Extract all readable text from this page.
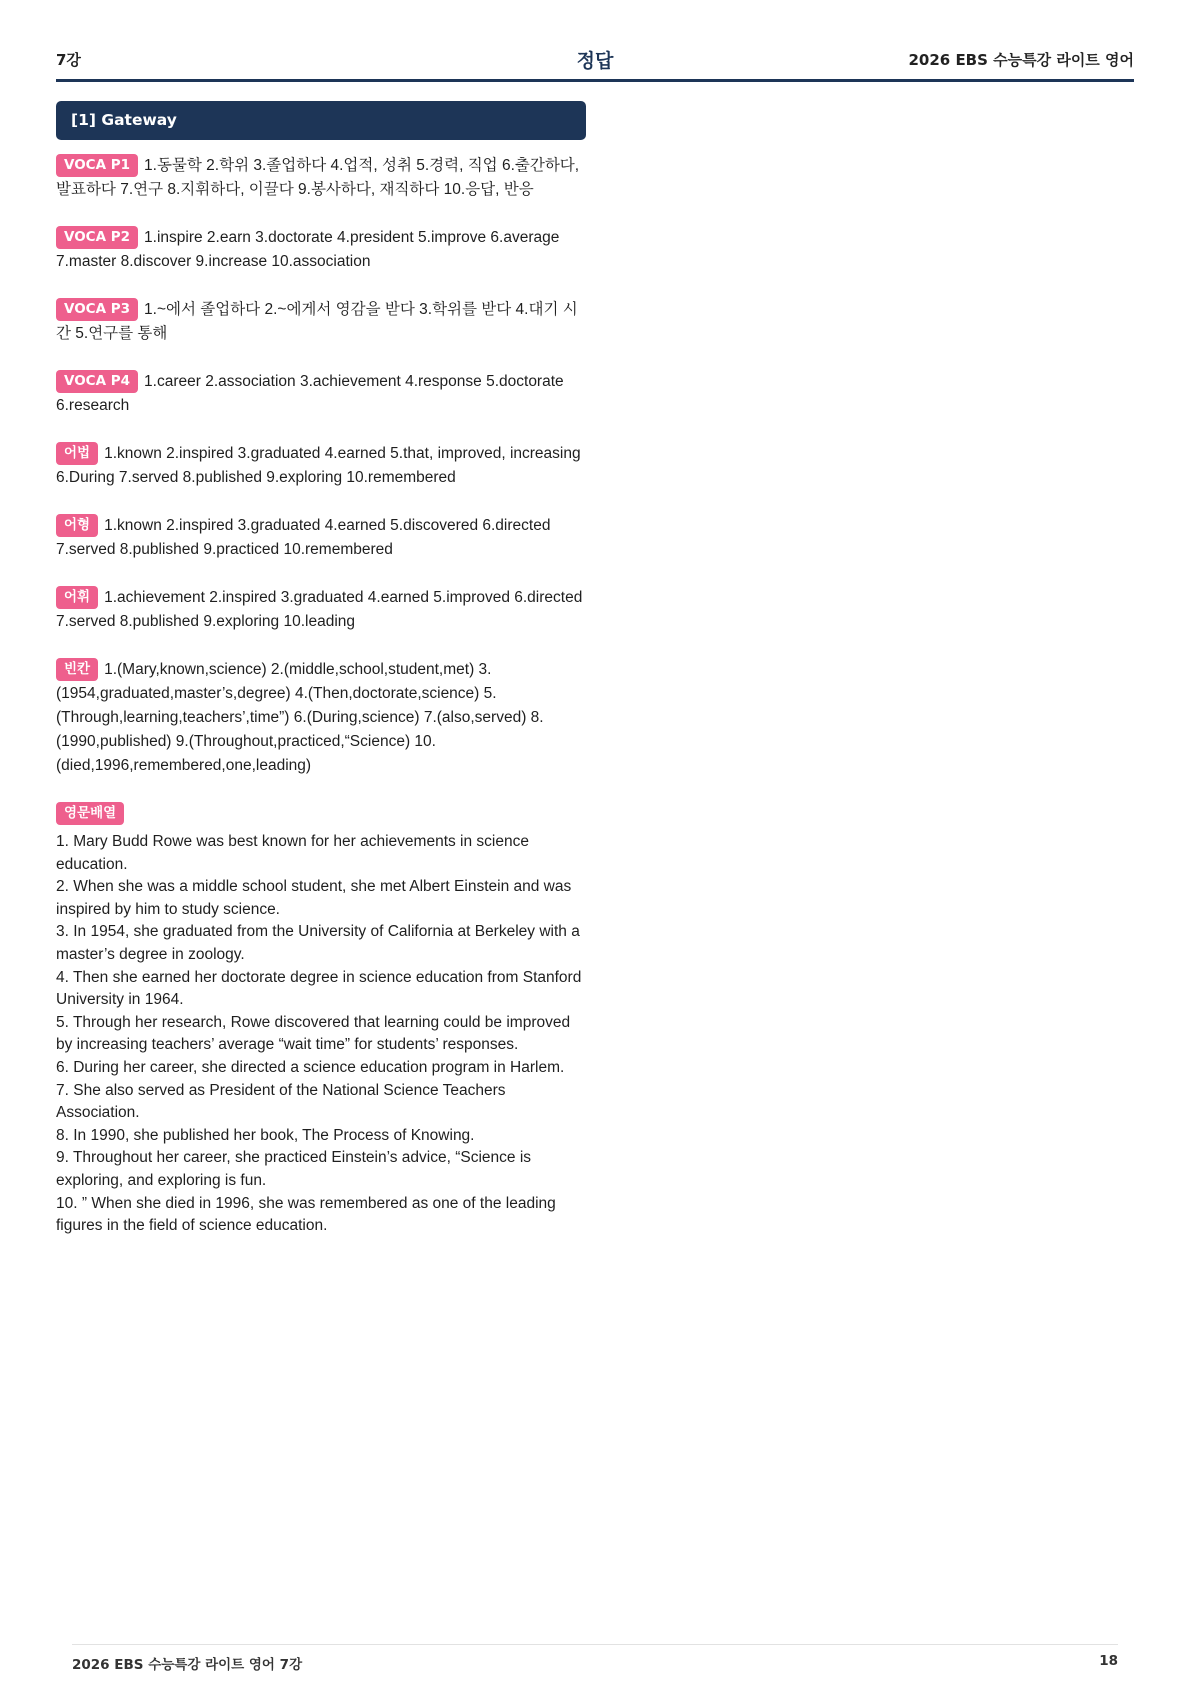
7강	정답	2026 EBS 수능특강 라이트 영어
[1] Gateway
VOCA P1 1.동물학 2.학위 3.졸업하다 4.업적, 성취 5.경력, 직업 6.출간하다, 발표하다 7.연구 8.지휘하다, 이끌다 9.봉사하다, 재직하다 10.응답, 반응
VOCA P2 1.inspire 2.earn 3.doctorate 4.president 5.improve 6.average 7.master 8.discover 9.increase 10.association
VOCA P3 1.~에서 졸업하다 2.~에게서 영감을 받다 3.학위를 받다 4.대기 시간 5.연구를 통해
VOCA P4 1.career 2.association 3.achievement 4.response 5.doctorate 6.research
어법 1.known 2.inspired 3.graduated 4.earned 5.that, improved, increasing 6.During 7.served 8.published 9.exploring 10.remembered
어형 1.known 2.inspired 3.graduated 4.earned 5.discovered 6.directed 7.served 8.published 9.practiced 10.remembered
어휘 1.achievement 2.inspired 3.graduated 4.earned 5.improved 6.directed 7.served 8.published 9.exploring 10.leading
빈칸 1.(Mary,known,science) 2.(middle,school,student,met) 3.(1954,graduated,master’s,degree) 4.(Then,doctorate,science) 5.(Through,learning,teachers’,time”) 6.(During,science) 7.(also,served) 8.(1990,published) 9.(Throughout,practiced,“Science) 10.(died,1996,remembered,one,leading)
영문배열

1. Mary Budd Rowe was best known for her achievements in science education.

2. When she was a middle school student, she met Albert Einstein and was inspired by him to study science.

3. In 1954, she graduated from the University of California at Berkeley with a master’s degree in zoology.

4. Then she earned her doctorate degree in science education from Stanford University in 1964.

5. Through her research, Rowe discovered that learning could be improved by increasing teachers’ average “wait time” for students’ responses.

6. During her career, she directed a science education program in Harlem.

7. She also served as President of the National Science Teachers Association.

8. In 1990, she published her book, The Process of Knowing.

9. Throughout her career, she practiced Einstein’s advice, “Science is exploring, and exploring is fun.

10. ” When she died in 1996, she was remembered as one of the leading figures in the field of science education.

2026 EBS 수능특강 라이트 영어 7강	18
